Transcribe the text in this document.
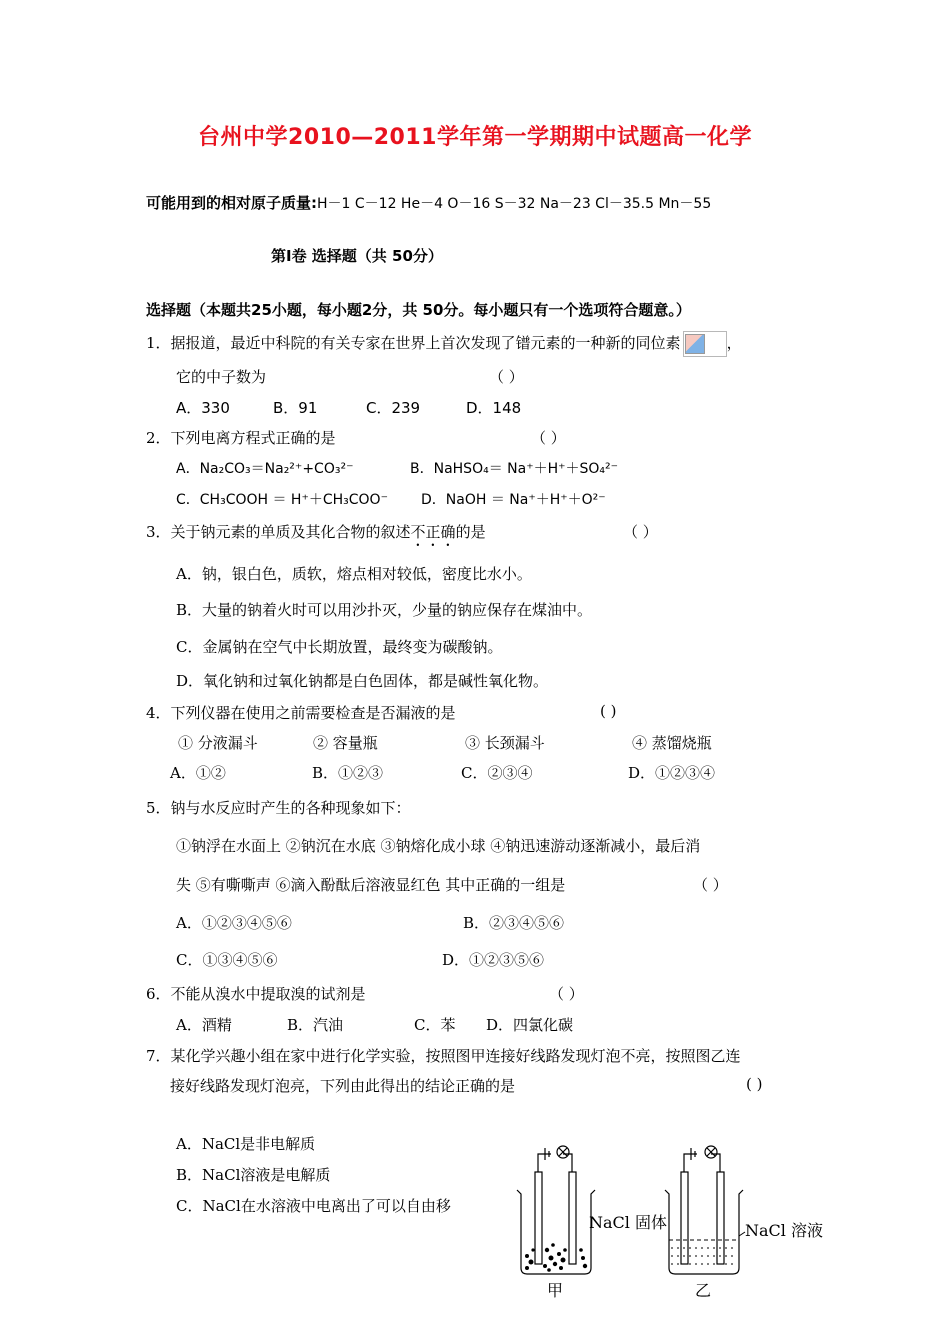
台州中学2010—2011学年第一学期期中试题高一化学
可能用到的相对原子质量:H－1 C－12 He－4 O－16 S－32 Na－23 Cl－35.5 Mn－55
第Ⅰ卷 选择题（共 50分）
选择题（本题共25小题，每小题2分，共 50分。每小题只有一个选项符合题意。）
1．据报道，最近中科院的有关专家在世界上首次发现了镨元素的一种新的同位素	，
它的中子数为	（ ）
A．330	B．91	C．239	D．148
2．下列电离方程式正确的是	（ ）
A．Na₂CO₃＝Na₂²⁺+CO₃²⁻	B．NaHSO₄＝ Na⁺＋H⁺＋SO₄²⁻
C．CH₃COOH ＝ H⁺＋CH₃COO⁻ D．NaOH ＝ Na⁺＋H⁺＋O²⁻
3．关于钠元素的单质及其化合物的叙述不正确的是	（ ）
A．钠，银白色，质软，熔点相对较低，密度比水小。
B．大量的钠着火时可以用沙扑灭，少量的钠应保存在煤油中。
C．金属钠在空气中长期放置，最终变为碳酸钠。
D．氧化钠和过氧化钠都是白色固体，都是碱性氧化物。
4．下列仪器在使用之前需要检查是否漏液的是	( )
① 分液漏斗	② 容量瓶	③ 长颈漏斗	④ 蒸馏烧瓶
A．①②	B．①②③	C．②③④	D．①②③④
5．钠与水反应时产生的各种现象如下：
①钠浮在水面上 ②钠沉在水底 ③钠熔化成小球 ④钠迅速游动逐渐减小，最后消
失 ⑤有嘶嘶声 ⑥滴入酚酞后溶液显红色 其中正确的一组是	（ ）
A．①②③④⑤⑥	B．②③④⑤⑥
C．①③④⑤⑥	D．①②③⑤⑥
6．不能从溴水中提取溴的试剂是	（ ）
A．酒精	B．汽油	C．苯 D．四氯化碳
7．某化学兴趣小组在家中进行化学实验，按照图甲连接好线路发现灯泡不亮，按照图乙连
接好线路发现灯泡亮，下列由此得出的结论正确的是	( )
A．NaCl是非电解质
B．NaCl溶液是电解质
C．NaCl在水溶液中电离出了可以自由移
NaCl 固体
甲
NaCl 溶液
乙
